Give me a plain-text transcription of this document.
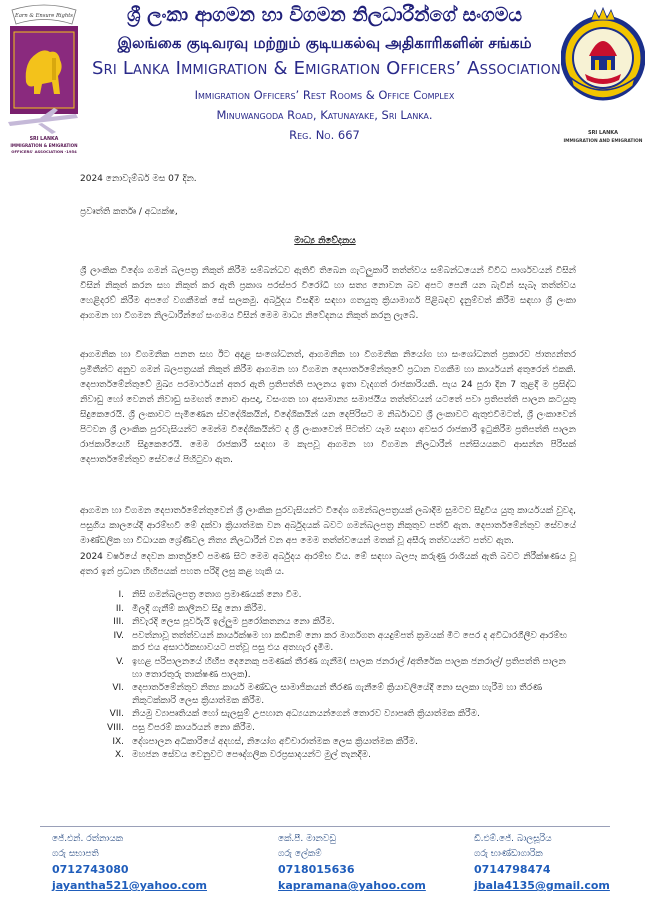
Earn & Ensure Rights
SRI LANKA
IMMIGRATION & EMIGRATION
OFFICERS' ASSOCIATION -1954
ශ්‍රී ලංකා ආගමන හා විගමන නිලධාරීන්ගේ සංගමය
இலங்கை குடிவரவு மற்றும் குடியகல்வு அதிகாரிகளின் சங்கம்
Sri Lanka Immigration & Emigration Officers’ Association
Immigration Officers’ Rest Rooms & Office Complex
Minuwangoda Road, Katunayake, Sri Lanka.
Reg. No. 667	SRI LANKA
IMMIGRATION AND EMIGRATION
2024 නොවැම්බර් මස 07 දින.
ප්‍රවෘත්ති කර්තෘ / අධ්‍යක්ෂ,
මාධ්‍ය නිවේදනය
ශ්‍රී ලාංකික විදේශ ගමන් බලපත්‍ර නිකුත් කිරීම සම්බන්ධව ඇතිවී තිබෙන ගැටලුකාරී තත්ත්වය සම්බන්ධයෙන් විවිධ පාර්ශවයන් විසින් විසින් නිකුත් කරන සහ නිකුත් කර ඇති ප්‍රකාශ පරස්පර විරෝධී හා සත්‍ය නොවන බව අපට පෙනී යන බැවින් සැබෑ තත්ත්වය හෙළිදරව් කිරීම අපගේ වගකීමක් සේ සලකමු. අර්බුදය විසඳීම සඳහා ගතයුතු ක්‍රියාමාර්ග පිළිබඳව දැනුම්වත් කිරීම සඳහා ශ්‍රී ලංකා ආගමන හා විගමන නිලධාරීන්ගේ සංගමය විසින් මෙම මාධ්‍ය නිවේදනය නිකුත් කරනු ලැබේ.
ආගමනික හා විගමනික පනත සහ ඊට අදාළ සංශෝධනත්, ආගමනික හා විගමනික නියෝග හා සංශෝධනත් ප්‍රකාරව ජාත්‍යන්තර ප්‍රමිතීන්ට අනුව ගමන් බලපත්‍රයක් නිකුත් කිරීම ආගමන හා විගමන දෙපාර්තමේන්තුවේ ප්‍රධාන වගකීම හා කාර්යයන් අතුරෙන් එකකි. දෙපාර්තමේන්තුවේ මුඛ්‍ය පරමාර්ථයන් අතර ඇති ප්‍රතිපත්ති පාලනය ඉතා වැදගත් රාජකාරියකි. පැය 24 පුරා දින 7 තුළදී ම ප්‍රසිද්ධ නිවාඩු හෝ වෙනත් නිවාඩු සමඟත් නොව ආපදා, වසංගත හා අසාමාන්‍ය සමාජයීය තත්ත්වයන් යටතේ පවා ප්‍රතිපත්ති පාලන කටයුතු සිදුකෙරෙයි. ශ්‍රී ලංකාවට පැමිණෙන ස්වදේශිකයින්, විදේශිකයින් යන දෙපිරිසට ම නිර්බාධව ශ්‍රී ලංකාවට ඇතුළුවීමටත්, ශ්‍රී ලංකාවෙන් පිටවන ශ්‍රී ලාංකික පුරවැසියන්ට මෙන්ම විදේශිකයින්ට ද ශ්‍රී ලංකාවෙන් පිටත්ව යෑම සඳහා අවසර රාජකාරී ඉටුකිරීම ප්‍රතිපත්ති පාලන රාජකාරියෙහි සිදුකෙරෙයි. මෙම රාජකාරී සඳහා ම කැපවූ ආගමන හා විගමන නිලධාරීන් පන්සියයකට ආසන්න පිරිසක් දෙපාර්තමේන්තුව සේවයේ පිහිටුවා ඇත.
ආගමන හා විගමන දෙපාර්තමේන්තුවෙන් ශ්‍රී ලාංකික පුරවැසියන්ට විදේශ ගමන්බලපත්‍රයක් ලබාදීම සුමටව සිදුවිය යුතු කාර්යයක් වුවද, පසුගිය කාලයේදී ආරම්භවී මේ දක්වා ක්‍රියාත්මක වන අර්බුදයක් බවට ගමන්බලපත්‍ර නිකුතුව පත්වී ඇත. දෙපාර්තමේන්තුව සේවයේ මාණ්ඩලික හා විධායක ශ්‍රේණිවල නිත්‍ය නිලධාරීන් වන අප මෙම තත්ත්වයෙන් මතක් වූ අසීරු තත්වයන්ට පත්ව ඇත.
2024 වර්ෂයේ දෙවන කාර්තුවේ පමණ සිට මෙම අර්බුදය ආරම්භ විය. මේ සඳහා බලපෑ කරුණු රාශියක් ඇති බවට නිරීක්ෂණය වූ අතර ඉන් ප්‍රධාන හිඟිපයක් පහත පරිදි ලඝු කළ හැකි ය.
I. නිසි ගමන්බලපත්‍ර තොග ප්‍රමාණයක් නො වීම.
II. මිලදී ගැනීම් කාලීනව සිදු නො කිරීම.
III. නිවැරදි ලෙස පූර්වැයි ඉල්ලුම පුරෝකතනය නො කිරීම.
IV. පවත්නාවූ තත්ත්වයන් කාර්යක්ෂම හා කඩිනම් නො කර මාර්ගගත අයදුම්පත් ක්‍රමයක් මීට පෙර ද අවිධාරගීලීව ආරම්භ කර එය අසාර්ථකභාවයට පත්වූ පසු එය අතහැර දැමීම.
V. ඉහළ පරිපාලනයේ හිඟීප දෙනෙකු පමණක් තීරණ ගැනීම( පාලක ජනරාල් /අතිරේක පාලක ජනරාල්/ ප්‍රතිපත්ති පාලන හා තොරතුරු තාක්ෂණ පාලක).
VI. දෙපාර්තමේන්තුව නිත්‍ය කාර්ය මණ්ඩල සාමාජිකයන් තීරණ ගැනීමේ ක්‍රියාවලියේදී නො සලකා හැරීම හා තීරණ නිකුටක්කාරි ලෙස ක්‍රියාත්මක කිරීම.
VII. නියමු ව්‍යාපෘතියක් හෝ සැලසුම් උපහාන අධ්‍යයනයන්ගෙන් තොරව ව්‍යාපෘති ක්‍රියාත්මක කිරීම.
VIII. පසු විපරම් කාර්යයන් නො කිරීම.
IX. දේශපාලන අධිකාරියේ අදහස්, නියෝග අවිචාරාත්මක ලෙස ක්‍රියාත්මක කිරීම.
X. මහජන සේවය වෙනුවට පෞද්ගලික වරප්‍රසාදයන්ට මුල් තැනදීම.
ජේ.එන්. රත්නායක
ගරු සභාපති
0712743080
jayantha521@yahoo.com
කේ.පී. මානවඩු
ගරු ලේකම්
0718015636
kapramana@yahoo.com
ඩී.එම්.ජේ. බාලසූරිය
ගරු භාණ්ඩාගාරික
0714798474
jbala4135@gmail.com
